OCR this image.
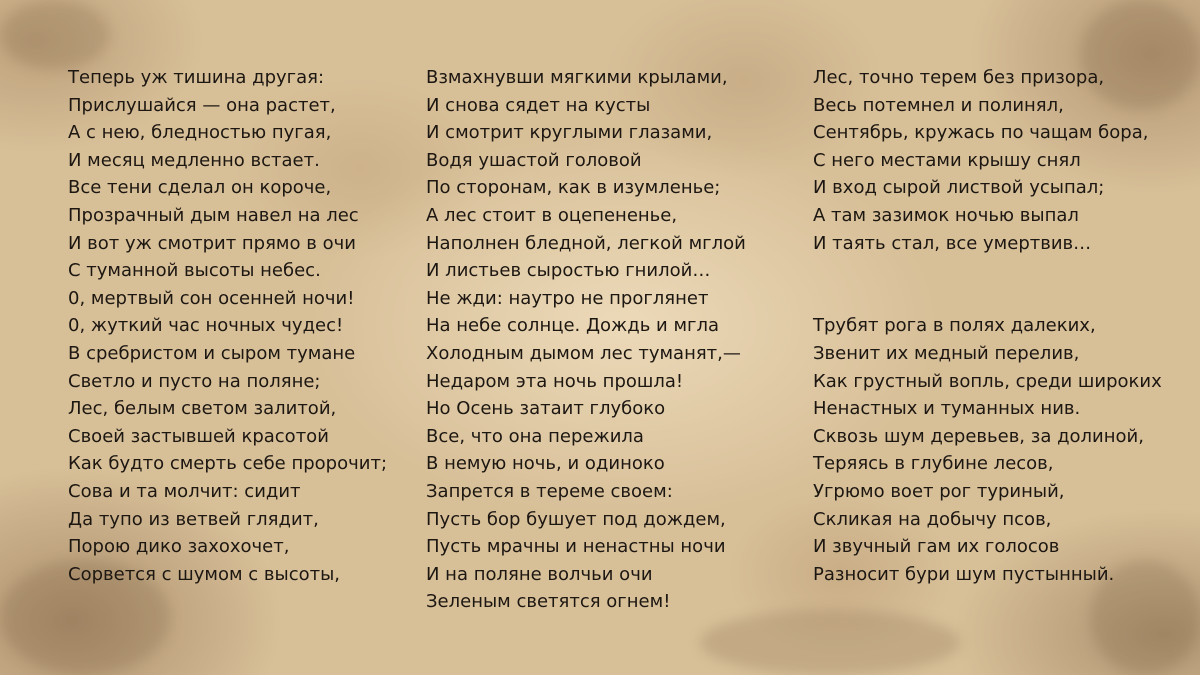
Теперь уж тишина другая:
Прислушайся — она растет,
А с нею, бледностью пугая,
И месяц медленно встает.
Все тени сделал он короче,
Прозрачный дым навел на лес
И вот уж смотрит прямо в очи
С туманной высоты небес.
0, мертвый сон осенней ночи!
0, жуткий час ночных чудес!
В сребристом и сыром тумане
Светло и пусто на поляне;
Лес, белым светом залитой,
Своей застывшей красотой
Как будто смерть себе пророчит;
Сова и та молчит: сидит
Да тупо из ветвей глядит,
Порою дико захохочет,
Сорвется с шумом с высоты,
Взмахнувши мягкими крылами,
И снова сядет на кусты
И смотрит круглыми глазами,
Водя ушастой головой
По сторонам, как в изумленье;
А лес стоит в оцепененье,
Наполнен бледной, легкой мглой
И листьев сыростью гнилой…
Не жди: наутро не проглянет
На небе солнце. Дождь и мгла
Холодным дымом лес туманят,—
Недаром эта ночь прошла!
Но Осень затаит глубоко
Все, что она пережила
В немую ночь, и одиноко
Запрется в тереме своем:
Пусть бор бушует под дождем,
Пусть мрачны и ненастны ночи
И на поляне волчьи очи
Зеленым светятся огнем!
Лес, точно терем без призора,
Весь потемнел и полинял,
Сентябрь, кружась по чащам бора,
С него местами крышу снял
И вход сырой листвой усыпал;
А там зазимок ночью выпал
И таять стал, все умертвив…
Трубят рога в полях далеких,
Звенит их медный перелив,
Как грустный вопль, среди широких
Ненастных и туманных нив.
Сквозь шум деревьев, за долиной,
Теряясь в глубине лесов,
Угрюмо воет рог туриный,
Скликая на добычу псов,
И звучный гам их голосов
Разносит бури шум пустынный.
